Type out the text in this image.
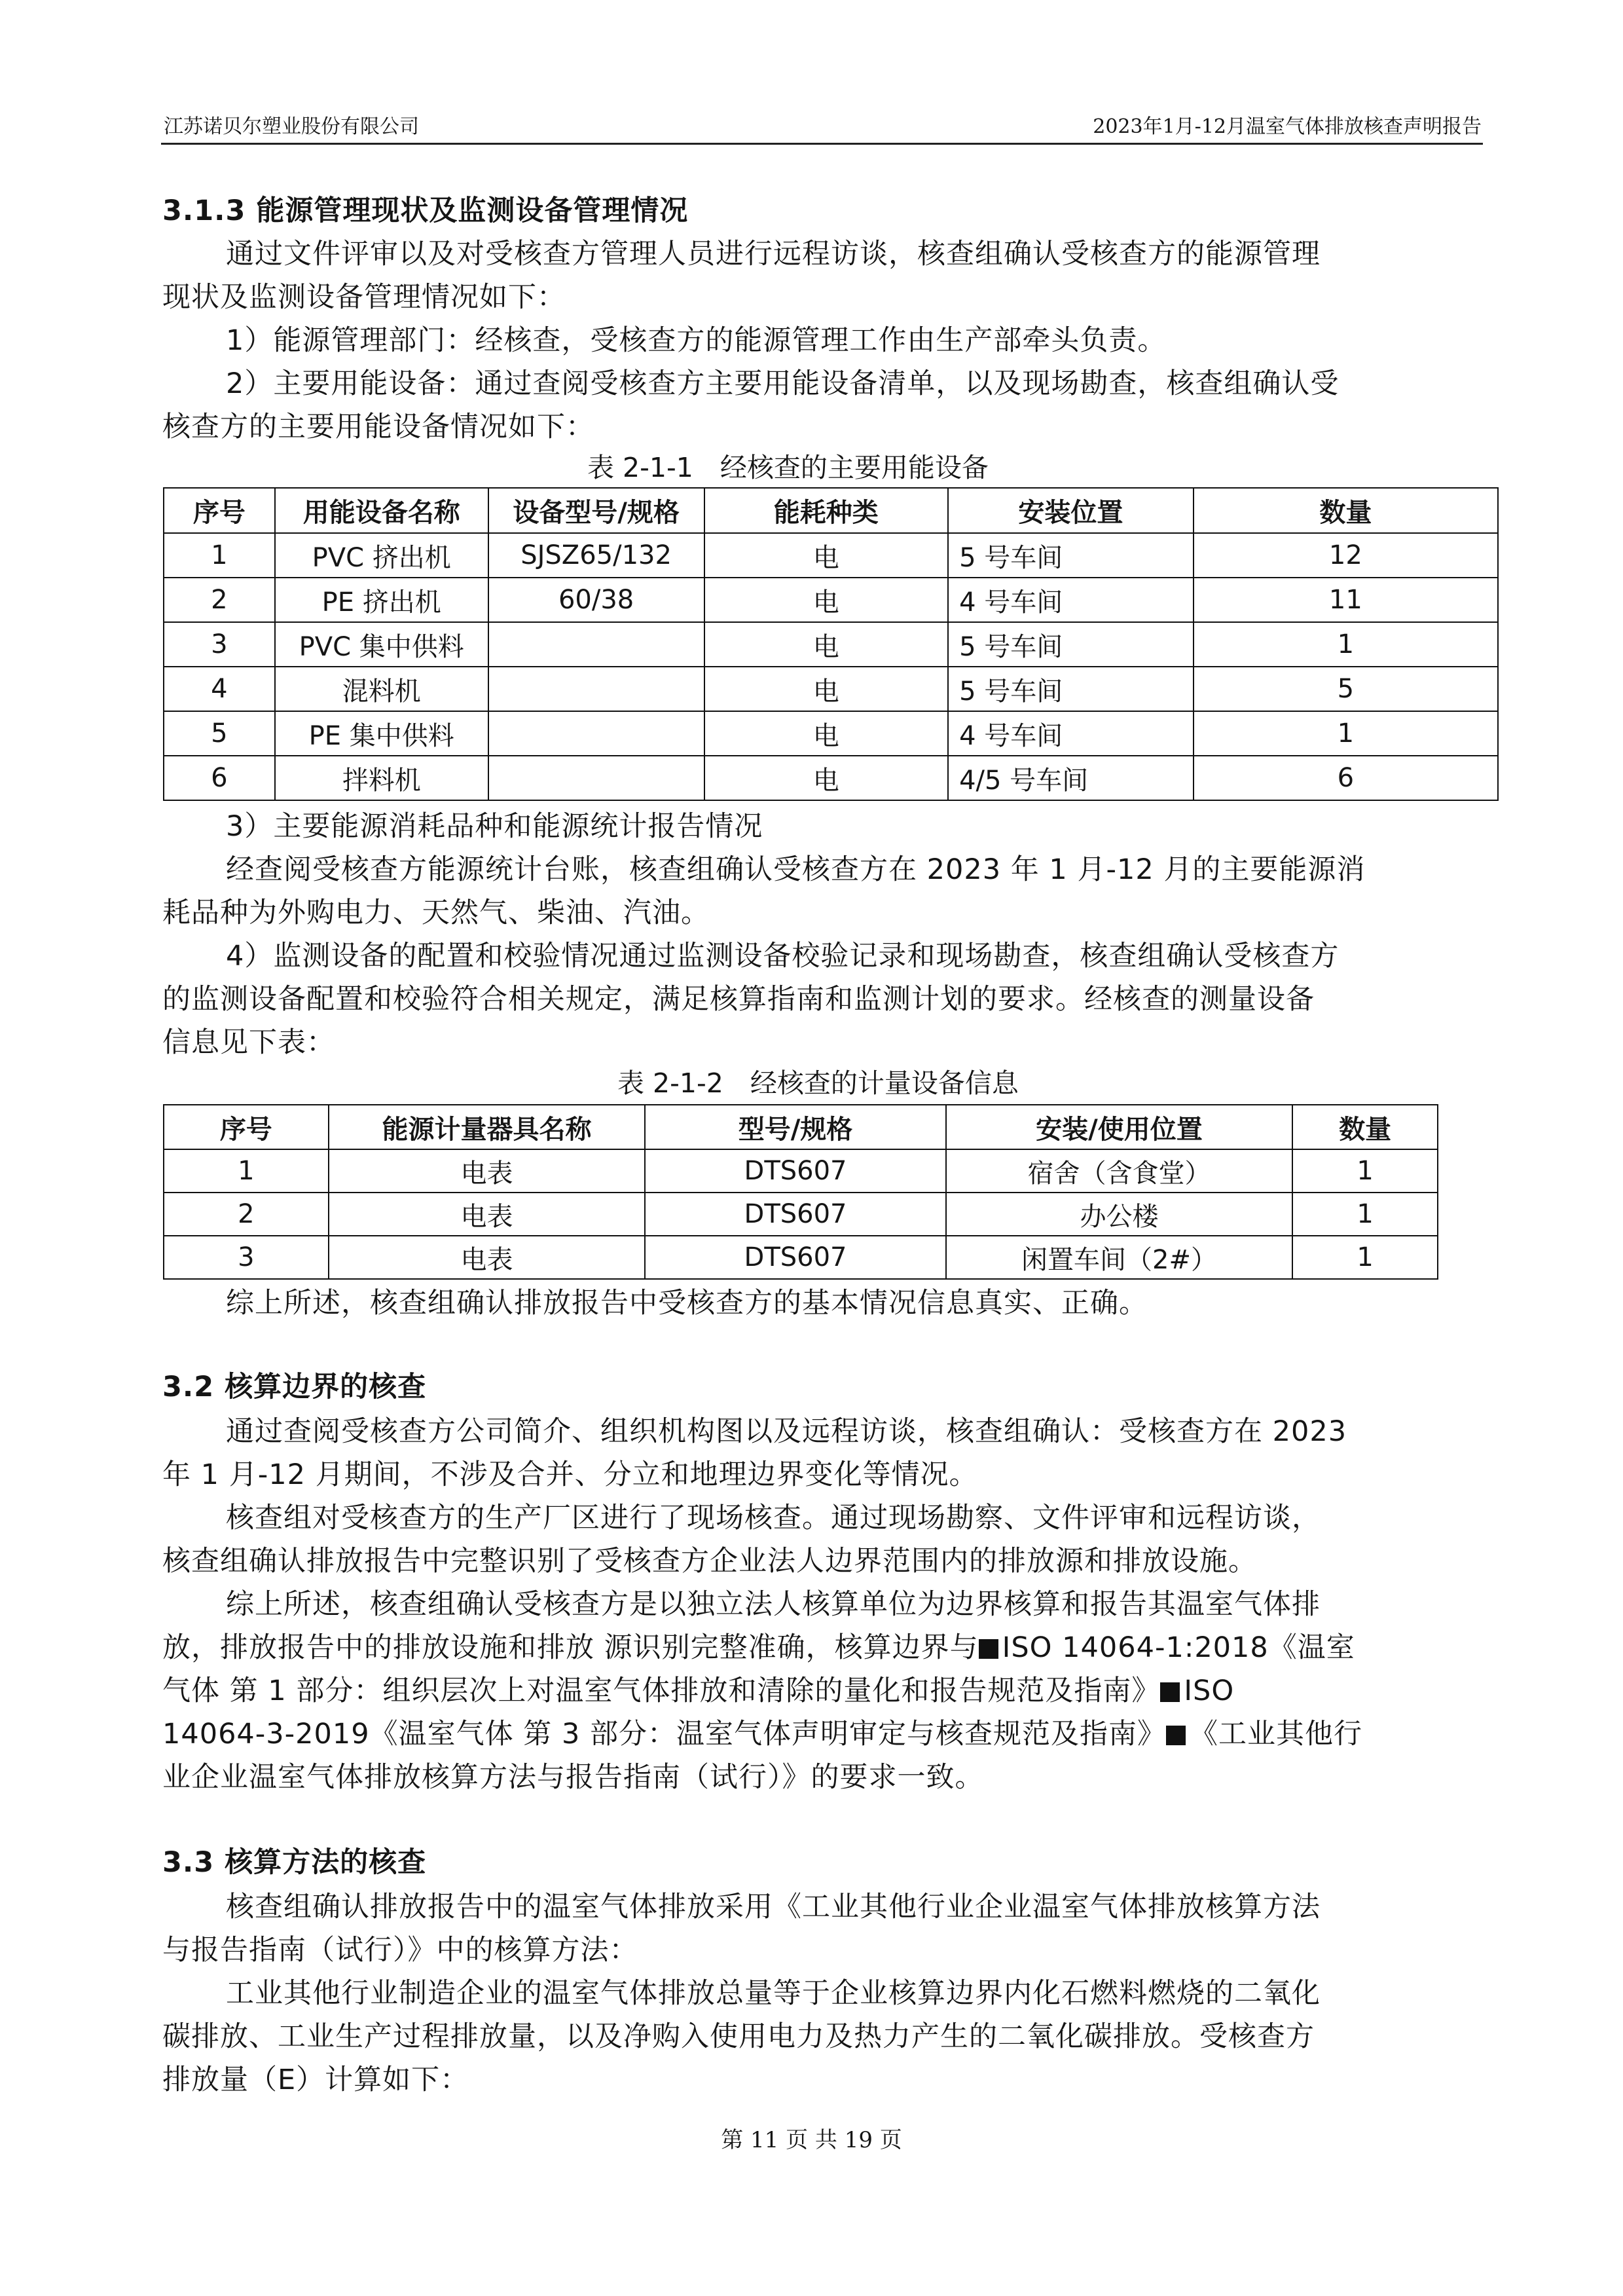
江苏诺贝尔塑业股份有限公司	2023年1月-12月温室气体排放核查声明报告
3.1.3 能源管理现状及监测设备管理情况
通过文件评审以及对受核查方管理人员进行远程访谈，核查组确认受核查方的能源管理
现状及监测设备管理情况如下：
1）能源管理部门：经核查，受核查方的能源管理工作由生产部牵头负责。
2）主要用能设备：通过查阅受核查方主要用能设备清单，以及现场勘查，核查组确认受
核查方的主要用能设备情况如下：
表 2-1-1　经核查的主要用能设备
序号	用能设备名称	设备型号/规格	能耗种类	安装位置	数量
1	PVC 挤出机	SJSZ65/132	电	5 号车间	12
2	PE 挤出机	60/38	电	4 号车间	11
3	PVC 集中供料		电	5 号车间	1
4	混料机		电	5 号车间	5
5	PE 集中供料		电	4 号车间	1
6	拌料机		电	4/5 号车间	6
3）主要能源消耗品种和能源统计报告情况
经查阅受核查方能源统计台账，核查组确认受核查方在 2023 年 1 月-12 月的主要能源消
耗品种为外购电力、天然气、柴油、汽油。
4）监测设备的配置和校验情况通过监测设备校验记录和现场勘查，核查组确认受核查方
的监测设备配置和校验符合相关规定，满足核算指南和监测计划的要求。经核查的测量设备
信息见下表：
表 2-1-2　经核查的计量设备信息
序号	能源计量器具名称	型号/规格	安装/使用位置	数量
1	电表	DTS607	宿舍（含食堂）	1
2	电表	DTS607	办公楼	1
3	电表	DTS607	闲置车间（2#）	1
综上所述，核查组确认排放报告中受核查方的基本情况信息真实、正确。
3.2 核算边界的核查
通过查阅受核查方公司简介、组织机构图以及远程访谈，核查组确认：受核查方在 2023
年 1 月-12 月期间，不涉及合并、分立和地理边界变化等情况。
核查组对受核查方的生产厂区进行了现场核查。通过现场勘察、文件评审和远程访谈，
核查组确认排放报告中完整识别了受核查方企业法人边界范围内的排放源和排放设施。
综上所述，核查组确认受核查方是以独立法人核算单位为边界核算和报告其温室气体排
放，排放报告中的排放设施和排放 源识别完整准确，核算边界与 ISO 14064-1:2018《温室
气体 第 1 部分：组织层次上对温室气体排放和清除的量化和报告规范及指南》 ISO
14064-3-2019《温室气体 第 3 部分：温室气体声明审定与核查规范及指南》 《工业其他行
业企业温室气体排放核算方法与报告指南（试行）》的要求一致。
3.3 核算方法的核查
核查组确认排放报告中的温室气体排放采用《工业其他行业企业温室气体排放核算方法
与报告指南（试行）》中的核算方法：
工业其他行业制造企业的温室气体排放总量等于企业核算边界内化石燃料燃烧的二氧化
碳排放、工业生产过程排放量，以及净购入使用电力及热力产生的二氧化碳排放。受核查方
排放量（E）计算如下：
第 11 页 共 19 页
